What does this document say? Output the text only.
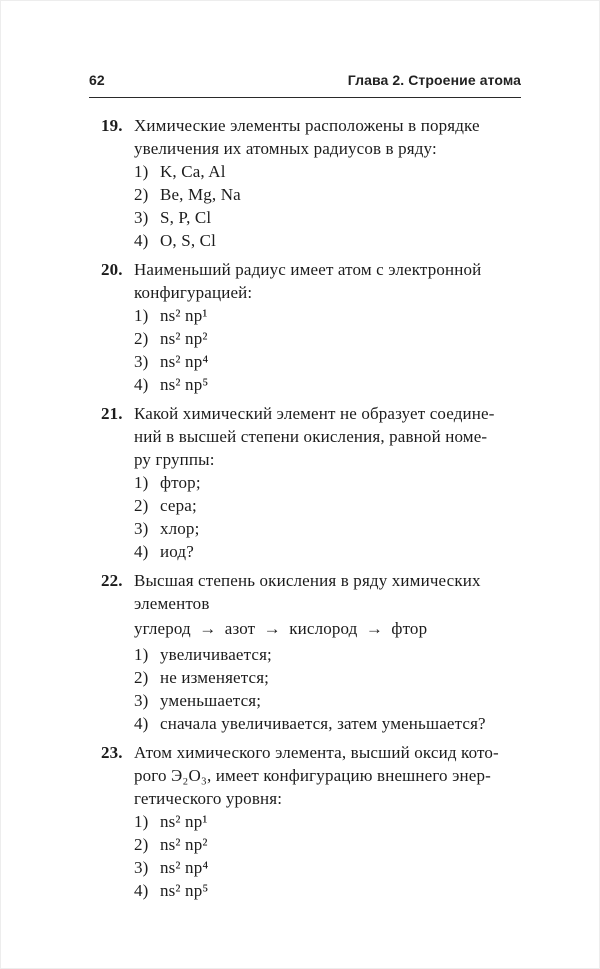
62	Глава 2. Строение атома
19. Химические элементы расположены в порядке
увеличения их атомных радиусов в ряду:
1) K, Ca, Al
2) Be, Mg, Na
3) S, P, Cl
4) O, S, Cl
20. Наименьший радиус имеет атом с электронной
конфигурацией:
1) ns² np¹
2) ns² np²
3) ns² np⁴
4) ns² np⁵
21. Какой химический элемент не образует соедине-
ний в высшей степени окисления, равной номе-
ру группы:
1) фтор;
2) сера;
3) хлор;
4) иод?
22. Высшая степень окисления в ряду химических
элементов
углерод → азот → кислород → фтор
1) увеличивается;
2) не изменяется;
3) уменьшается;
4) сначала увеличивается, затем уменьшается?
23. Атом химического элемента, высший оксид кото-
рого Э₂О₃, имеет конфигурацию внешнего энер-
гетического уровня:
1) ns² np¹
2) ns² np²
3) ns² np⁴
4) ns² np⁵
